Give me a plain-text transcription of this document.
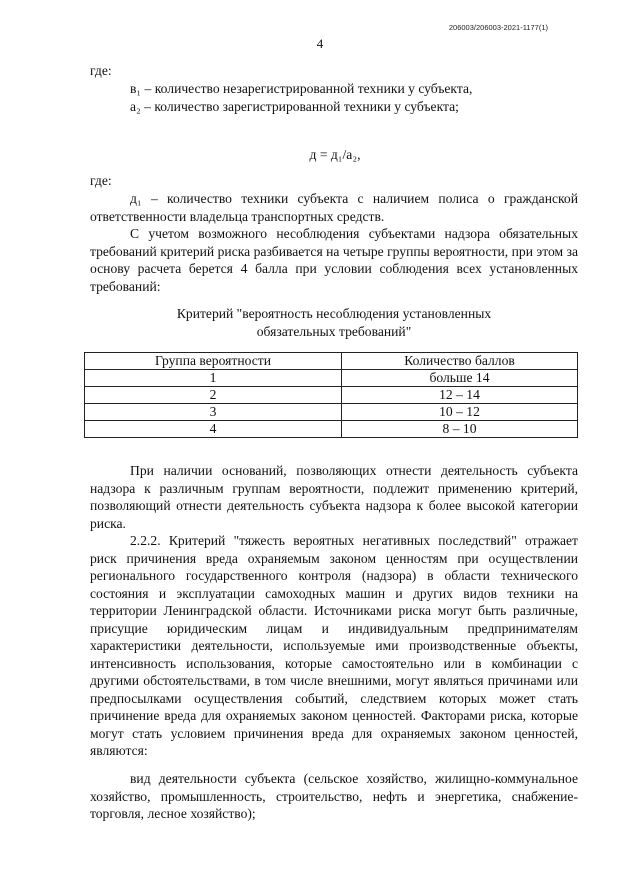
206003/206003-2021-1177(1)
4
где:
в₁ – количество незарегистрированной техники у субъекта,
а₂ – количество зарегистрированной техники у субъекта;
д = д₁/а₂,
где:
д₁ – количество техники субъекта с наличием полиса о гражданской ответственности владельца транспортных средств.
С учетом возможного несоблюдения субъектами надзора обязательных требований критерий риска разбивается на четыре группы вероятности, при этом за основу расчета берется 4 балла при условии соблюдения всех установленных требований:
Критерий "вероятность несоблюдения установленных
обязательных требований"
Группа вероятности	Количество баллов
1	больше 14
2	12 – 14
3	10 – 12
4	8 – 10
При наличии оснований, позволяющих отнести деятельность субъекта надзора к различным группам вероятности, подлежит применению критерий, позволяющий отнести деятельность субъекта надзора к более высокой категории риска.
2.2.2. Критерий "тяжесть вероятных негативных последствий" отражает риск причинения вреда охраняемым законом ценностям при осуществлении регионального государственного контроля (надзора) в области технического состояния и эксплуатации самоходных машин и других видов техники на территории Ленинградской области. Источниками риска могут быть различные, присущие юридическим лицам и индивидуальным предпринимателям характеристики деятельности, используемые ими производственные объекты, интенсивность использования, которые самостоятельно или в комбинации с другими обстоятельствами, в том числе внешними, могут являться причинами или предпосылками осуществления событий, следствием которых может стать причинение вреда для охраняемых законом ценностей. Факторами риска, которые могут стать условием причинения вреда для охраняемых законом ценностей, являются:
вид деятельности субъекта (сельское хозяйство, жилищно-коммунальное хозяйство, промышленность, строительство, нефть и энергетика, снабжение-торговля, лесное хозяйство);
